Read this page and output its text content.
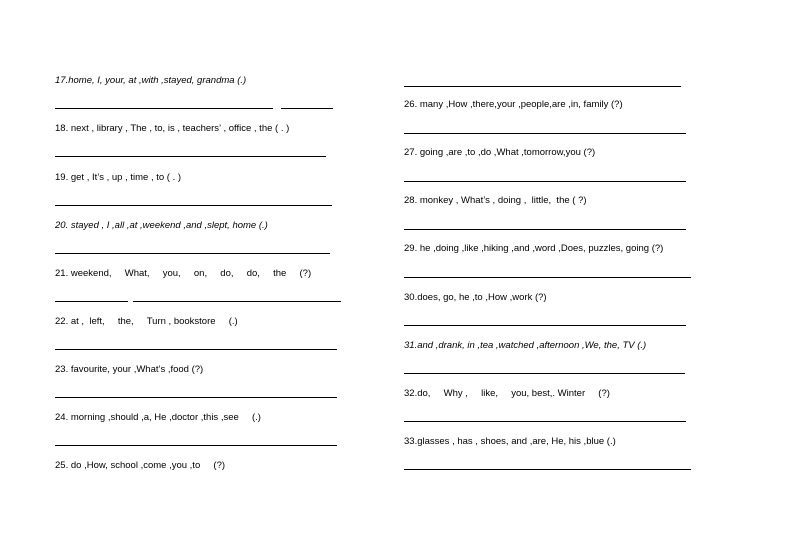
17.home, I, your, at ,with ,stayed, grandma (.)
18. next , library , The , to, is , teachers’ , office , the ( . )
19. get , It’s , up , time , to ( . )
20. stayed , I ,all ,at ,weekend ,and ,slept, home (.)
21. weekend,     What,     you,     on,     do,     do,     the     (?)
22. at ,  left,     the,     Turn , bookstore     (.)
23. favourite, your ,What’s ,food (?)
24. morning ,should ,a, He ,doctor ,this ,see     (.)
25. do ,How, school ,come ,you ,to     (?)
26. many ,How ,there,your ,people,are ,in, family (?)
27. going ,are ,to ,do ,What ,tomorrow,you (?)
28. monkey , What’s , doing ,  little,  the ( ?)
29. he ,doing ,like ,hiking ,and ,word ,Does, puzzles, going (?)
30.does, go, he ,to ,How ,work (?)
31.and ,drank, in ,tea ,watched ,afternoon ,We, the, TV (.)
32.do,     Why ,     like,     you, best,. Winter     (?)
33.glasses , has , shoes, and ,are, He, his ,blue (.)
